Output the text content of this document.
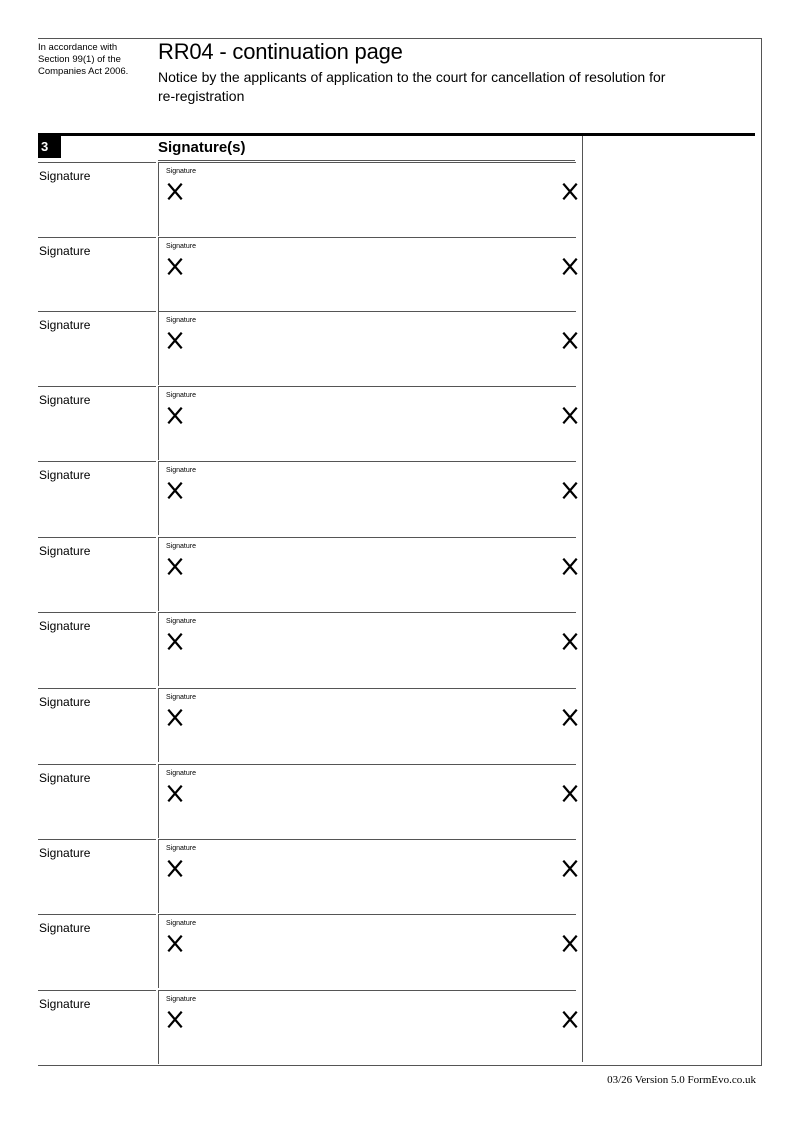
In accordance with Section 99(1) of the Companies Act 2006.
RR04 - continuation page
Notice by the applicants of application to the court for cancellation of resolution for re-registration
3	Signature(s)
Signature	Signature
Signature	Signature
Signature	Signature
Signature	Signature
Signature	Signature
Signature	Signature
Signature	Signature
Signature	Signature
Signature	Signature
Signature	Signature
Signature	Signature
Signature	Signature
03/26 Version 5.0 FormEvo.co.uk
